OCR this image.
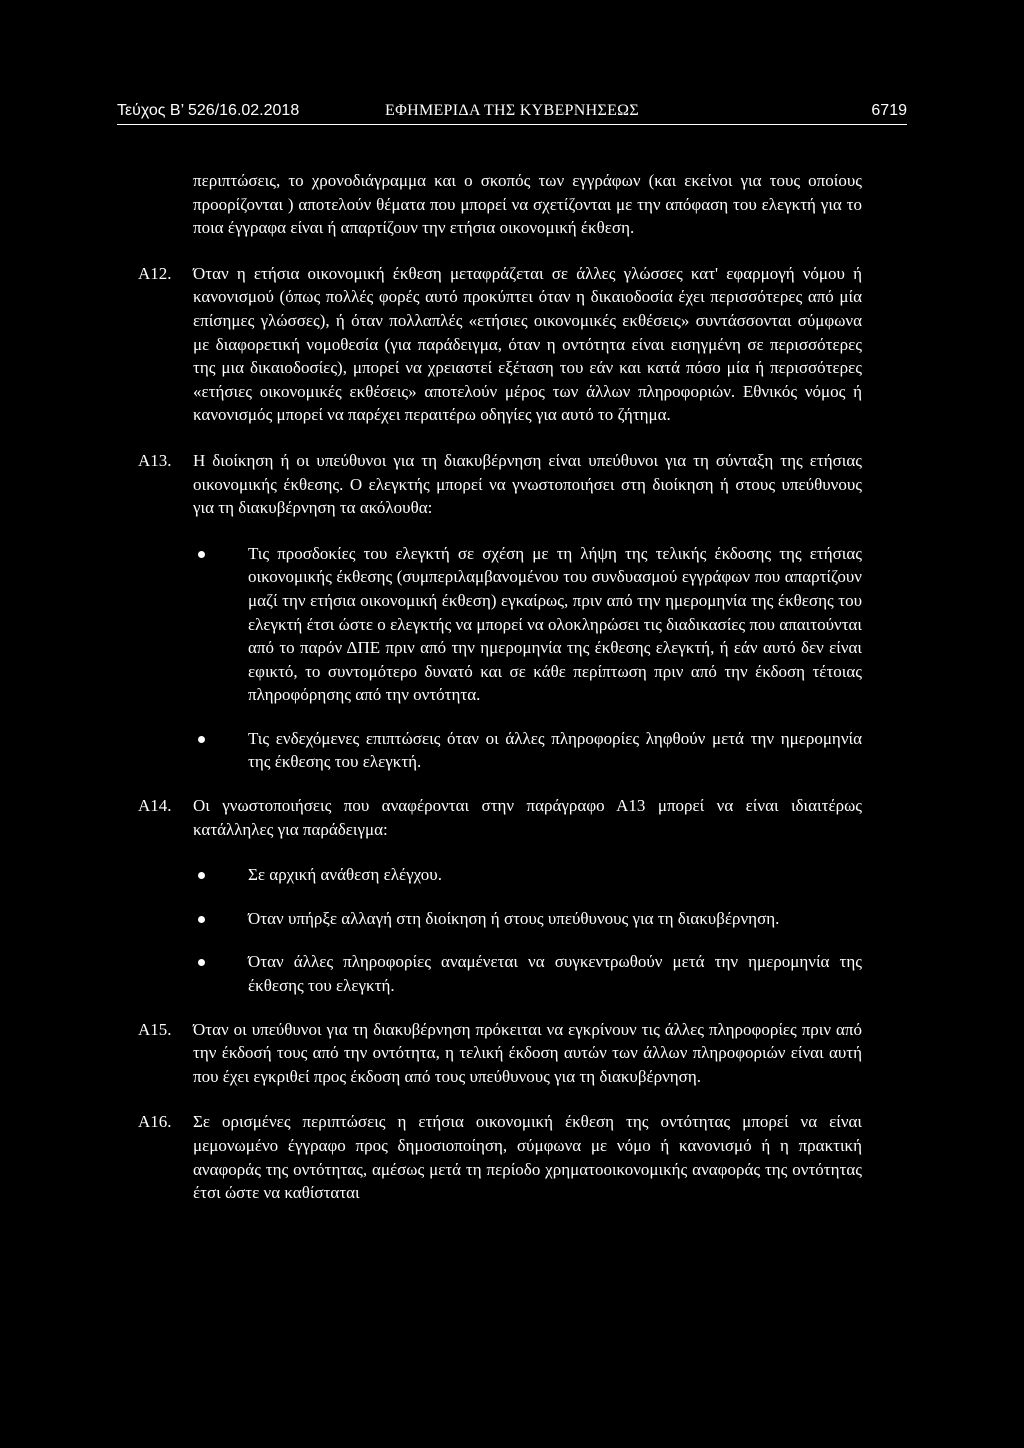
Τεύχος Β’ 526/16.02.2018	ΕΦΗΜΕΡΙΔΑ ΤΗΣ ΚΥΒΕΡΝΗΣΕΩΣ	6719

περιπτώσεις, το χρονοδιάγραμμα και ο σκοπός των εγγράφων (και εκείνοι για τους οποίους προορίζονται ) αποτελούν θέματα που μπορεί να σχετίζονται με την απόφαση του ελεγκτή για το ποια έγγραφα είναι ή απαρτίζουν την ετήσια οικονομική έκθεση.

Α12. Όταν η ετήσια οικονομική έκθεση μεταφράζεται σε άλλες γλώσσες κατ' εφαρμογή νόμου ή κανονισμού (όπως πολλές φορές αυτό προκύπτει όταν η δικαιοδοσία έχει περισσότερες από μία επίσημες γλώσσες), ή όταν πολλαπλές «ετήσιες οικονομικές εκθέσεις» συντάσσονται σύμφωνα με διαφορετική νομοθεσία (για παράδειγμα, όταν η οντότητα είναι εισηγμένη σε περισσότερες της μια δικαιοδοσίες), μπορεί να χρειαστεί εξέταση του εάν και κατά πόσο μία ή περισσότερες «ετήσιες οικονομικές εκθέσεις» αποτελούν μέρος των άλλων πληροφοριών. Εθνικός νόμος ή κανονισμός μπορεί να παρέχει περαιτέρω οδηγίες για αυτό το ζήτημα.
Α13. Η διοίκηση ή οι υπεύθυνοι για τη διακυβέρνηση είναι υπεύθυνοι για τη σύνταξη της ετήσιας οικονομικής έκθεσης. Ο ελεγκτής μπορεί να γνωστοποιήσει στη διοίκηση ή στους υπεύθυνους για τη διακυβέρνηση τα ακόλουθα:
Τις προσδοκίες του ελεγκτή σε σχέση με τη λήψη της τελικής έκδοσης της ετήσιας οικονομικής έκθεσης (συμπεριλαμβανομένου του συνδυασμού εγγράφων που απαρτίζουν μαζί την ετήσια οικονομική έκθεση) εγκαίρως, πριν από την ημερομηνία της έκθεσης του ελεγκτή έτσι ώστε ο ελεγκτής να μπορεί να ολοκληρώσει τις διαδικασίες που απαιτούνται από το παρόν ΔΠΕ πριν από την ημερομηνία της έκθεσης ελεγκτή, ή εάν αυτό δεν είναι εφικτό, το συντομότερο δυνατό και σε κάθε περίπτωση πριν από την έκδοση τέτοιας πληροφόρησης από την οντότητα.
Τις ενδεχόμενες επιπτώσεις όταν οι άλλες πληροφορίες ληφθούν μετά την ημερομηνία της έκθεσης του ελεγκτή.
Α14. Οι γνωστοποιήσεις που αναφέρονται στην παράγραφο Α13 μπορεί να είναι ιδιαιτέρως κατάλληλες για παράδειγμα:
Σε αρχική ανάθεση ελέγχου.
Όταν υπήρξε αλλαγή στη διοίκηση ή στους υπεύθυνους για τη διακυβέρνηση.
Όταν άλλες πληροφορίες αναμένεται να συγκεντρωθούν μετά την ημερομηνία της έκθεσης του ελεγκτή.
Α15. Όταν οι υπεύθυνοι για τη διακυβέρνηση πρόκειται να εγκρίνουν τις άλλες πληροφορίες πριν από την έκδοσή τους από την οντότητα, η τελική έκδοση αυτών των άλλων πληροφοριών είναι αυτή που έχει εγκριθεί προς έκδοση από τους υπεύθυνους για τη διακυβέρνηση.
Α16. Σε ορισμένες περιπτώσεις η ετήσια οικονομική έκθεση της οντότητας μπορεί να είναι μεμονωμένο έγγραφο προς δημοσιοποίηση, σύμφωνα με νόμο ή κανονισμό ή η πρακτική αναφοράς της οντότητας, αμέσως μετά τη περίοδο χρηματοοικονομικής αναφοράς της οντότητας έτσι ώστε να καθίσταται
